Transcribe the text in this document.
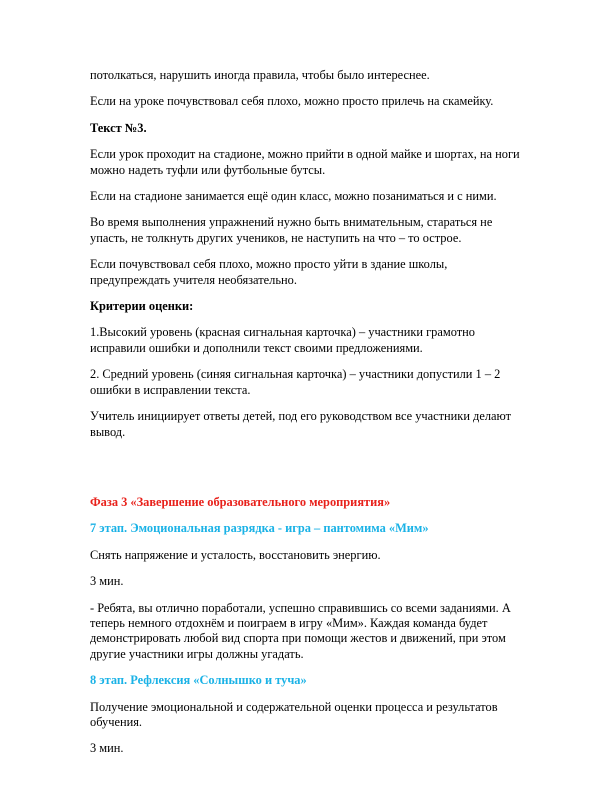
потолкаться, нарушить иногда правила, чтобы было интереснее.

Если на уроке почувствовал себя плохо, можно просто прилечь на скамейку.

Текст №3.

Если урок проходит на стадионе, можно прийти в одной майке и шортах, на ноги можно надеть туфли или футбольные бутсы.

Если на стадионе занимается ещё один класс, можно позаниматься и с ними.

Во время выполнения упражнений нужно быть внимательным, стараться не упасть, не толкнуть других учеников, не наступить на что – то острое.

Если почувствовал себя плохо, можно просто уйти в здание школы, предупреждать учителя необязательно.

Критерии оценки:

1.Высокий уровень (красная сигнальная карточка) – участники грамотно исправили ошибки и дополнили текст своими предложениями.

2. Средний уровень (синяя сигнальная карточка) – участники допустили 1 – 2 ошибки в исправлении текста.

Учитель инициирует ответы детей, под его руководством все участники делают вывод.

Фаза 3 «Завершение образовательного мероприятия»

7 этап. Эмоциональная разрядка - игра – пантомима «Мим»

Снять напряжение и усталость, восстановить энергию.

3 мин.

- Ребята, вы отлично поработали, успешно справившись со всеми заданиями. А теперь немного отдохнём и поиграем в игру «Мим». Каждая команда будет демонстрировать любой вид спорта при помощи жестов и движений, при этом другие участники игры должны угадать.

8 этап. Рефлексия «Солнышко и туча»

Получение эмоциональной и содержательной оценки процесса и результатов обучения.

3 мин.
